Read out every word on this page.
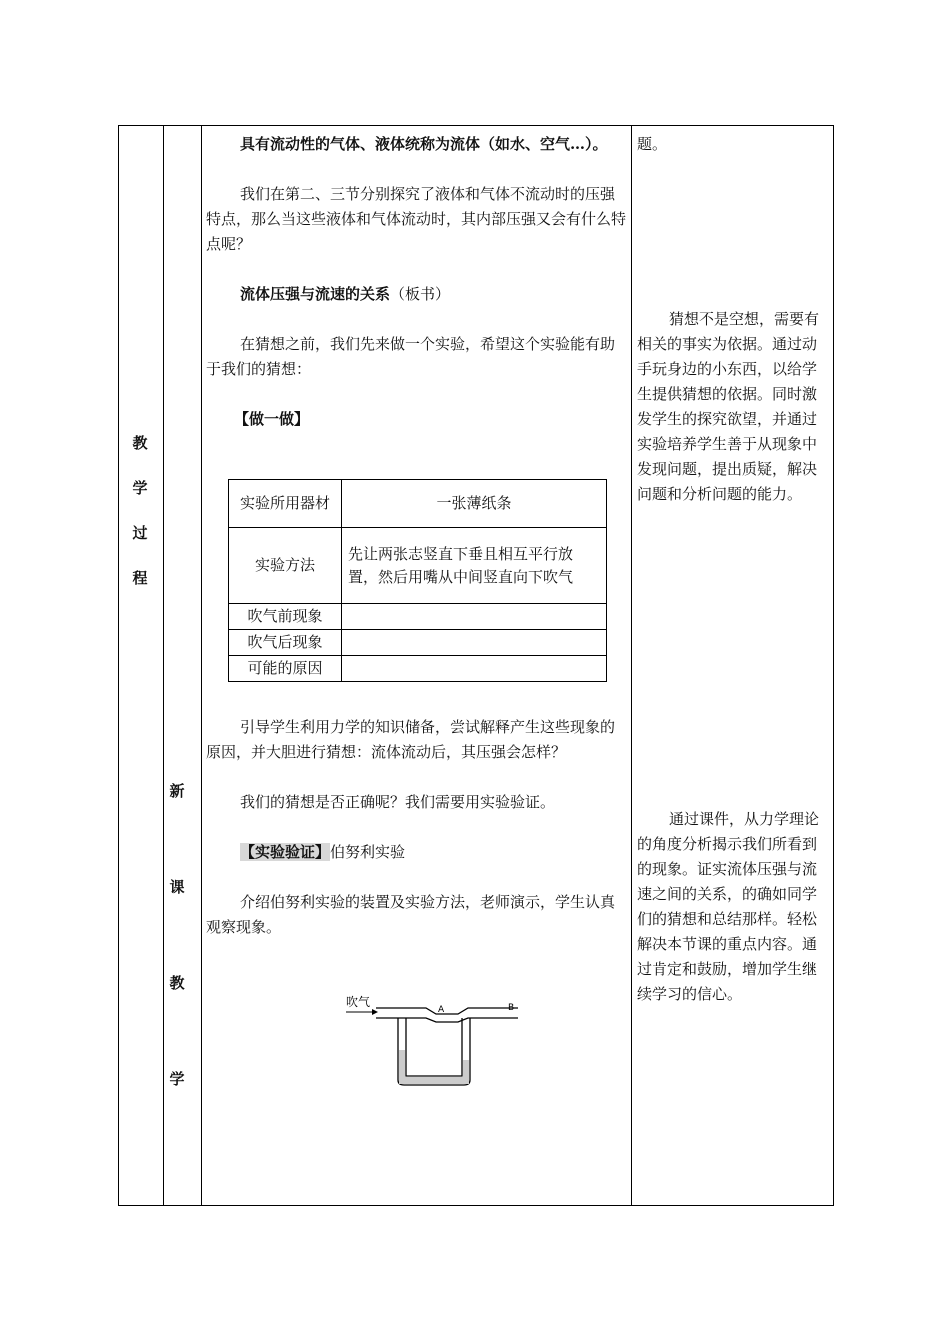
教
学
过
程
新
课
教
学

具有流动性的气体、液体统称为流体（如水、空气…）。

我们在第二、三节分别探究了液体和气体不流动时的压强特点，那么当这些液体和气体流动时，其内部压强又会有什么特点呢？

流体压强与流速的关系（板书）

在猜想之前，我们先来做一个实验，希望这个实验能有助于我们的猜想：

【做一做】

实验所用器材	一张薄纸条
实验方法	先让两张志竖直下垂且相互平行放置，然后用嘴从中间竖直向下吹气
吹气前现象	
吹气后现象	
可能的原因	

引导学生利用力学的知识储备，尝试解释产生这些现象的原因，并大胆进行猜想：流体流动后，其压强会怎样？

我们的猜想是否正确呢？我们需要用实验验证。

【实验验证】伯努利实验

介绍伯努利实验的装置及实验方法，老师演示，学生认真观察现象。

吹气
A	B

题。

猜想不是空想，需要有相关的事实为依据。通过动手玩身边的小东西，以给学生提供猜想的依据。同时激发学生的探究欲望，并通过实验培养学生善于从现象中发现问题，提出质疑，解决问题和分析问题的能力。

通过课件，从力学理论的角度分析揭示我们所看到的现象。证实流体压强与流速之间的关系，的确如同学们的猜想和总结那样。轻松解决本节课的重点内容。通过肯定和鼓励，增加学生继续学习的信心。
